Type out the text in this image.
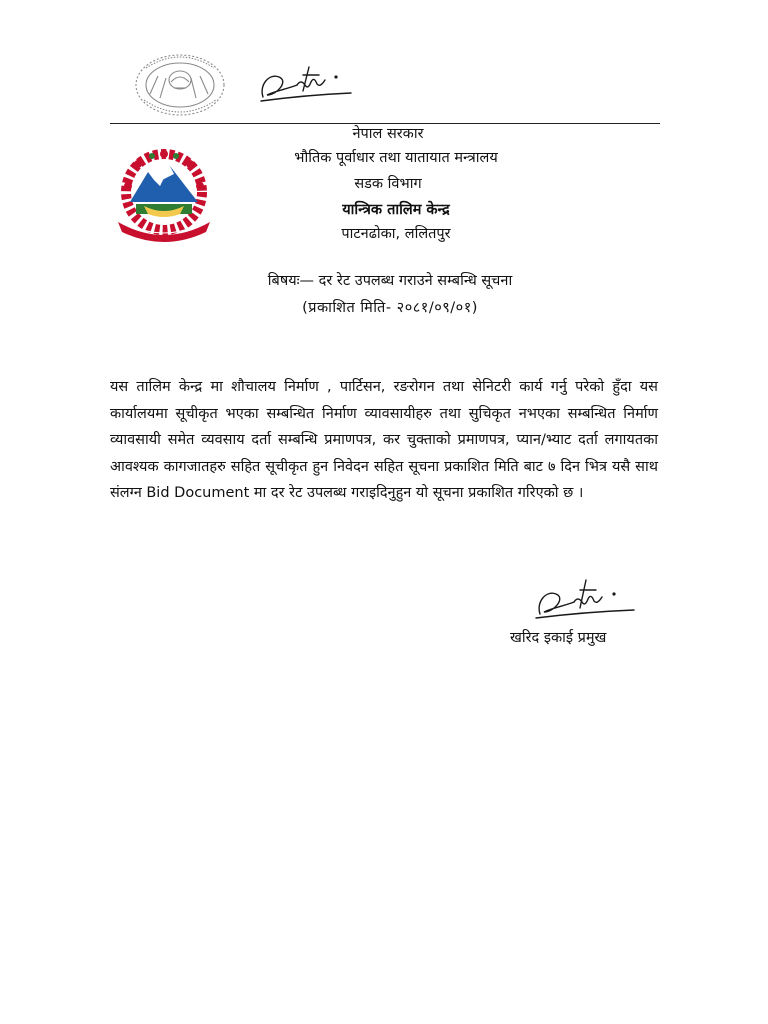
नेपाल सरकार
भौतिक पूर्वाधार तथा यातायात मन्त्रालय
सडक विभाग
यान्त्रिक तालिम केन्द्र
पाटनढोका, ललितपुर
बिषयः— दर रेट उपलब्ध गराउने सम्बन्धि सूचना
(प्रकाशित मिति- २०८१/०९/०१)
यस तालिम केन्द्र मा शौचालय निर्माण , पार्टिसन, रङरोगन तथा सेनिटरी कार्य गर्नु परेको हुँदा यस कार्यालयमा सूचीकृत भएका सम्बन्धित निर्माण व्यावसायीहरु तथा सुचिकृत नभएका सम्बन्धित निर्माण व्यावसायी समेत व्यवसाय दर्ता सम्बन्धि प्रमाणपत्र, कर चुक्ताको प्रमाणपत्र, प्यान/भ्याट दर्ता लगायतका आवश्यक कागजातहरु सहित सूचीकृत हुन निवेदन सहित सूचना प्रकाशित मिति बाट ७ दिन भित्र यसै साथ संलग्न Bid Document मा दर रेट उपलब्ध गराइदिनुहुन यो सूचना प्रकाशित गरिएको छ ।
खरिद इकाई प्रमुख
